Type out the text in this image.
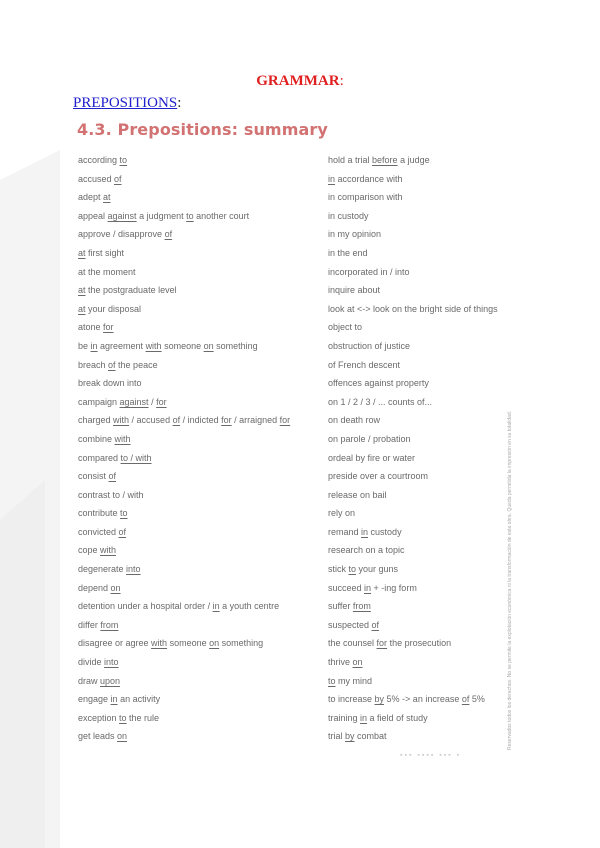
GRAMMAR:
PREPOSITIONS:
4.3. Prepositions: summary
according to
accused of
adept at
appeal against a judgment to another court
approve / disapprove of
at first sight
at the moment
at the postgraduate level
at your disposal
atone for
be in agreement with someone on something
breach of the peace
break down into
campaign against / for
charged with / accused of / indicted for / arraigned for
combine with
compared to / with
consist of
contrast to / with
contribute to
convicted of
cope with
degenerate into
depend on
detention under a hospital order / in a youth centre
differ from
disagree or agree with someone on something
divide into
draw upon
engage in an activity
exception to the rule
get leads on
hold a trial before a judge
in accordance with
in comparison with
in custody
in my opinion
in the end
incorporated in / into
inquire about
look at <-> look on the bright side of things
object to
obstruction of justice
of French descent
offences against property
on 1 / 2 / 3 / ... counts of...
on death row
on parole / probation
ordeal by fire or water
preside over a courtroom
release on bail
rely on
remand in custody
research on a topic
stick to your guns
succeed in + -ing form
suffer from
suspected of
the counsel for the prosecution
thrive on
to my mind
to increase by 5% -> an increase of 5%
training in a field of study
trial by combat	Reservados todos los derechos. No se permite la explotación económica ni la transformación de esta obra. Queda permitida la impresión en su totalidad.
▪▪▪ ▪▪▪▪ ▪▪▪ ▪
